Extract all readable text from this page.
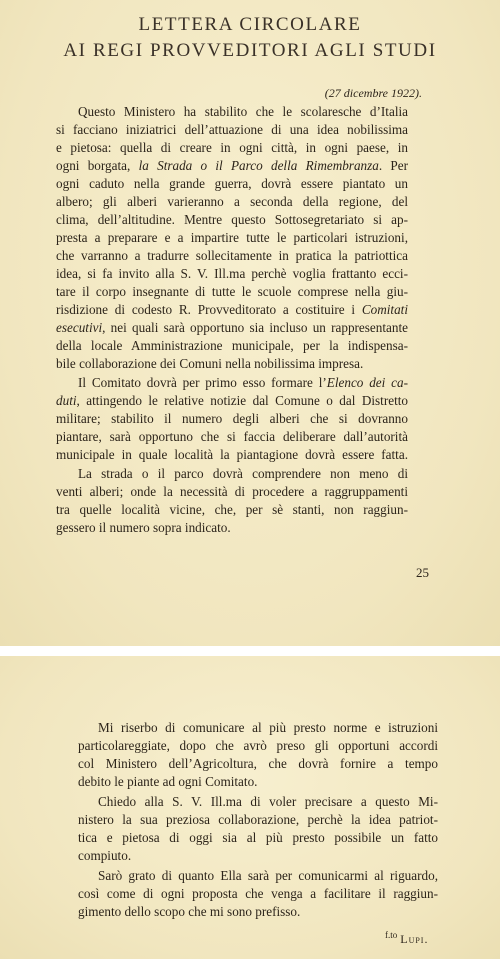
LETTERA CIRCOLARE
AI REGI PROVVEDITORI AGLI STUDI
(27 dicembre 1922).
Questo Ministero ha stabilito che le scolaresche d’Italia
si facciano iniziatrici dell’attuazione di una idea nobilissima
e pietosa: quella di creare in ogni città, in ogni paese, in
ogni borgata, la Strada o il Parco della Rimembranza. Per
ogni caduto nella grande guerra, dovrà essere piantato un
albero; gli alberi varieranno a seconda della regione, del
clima, dell’altitudine. Mentre questo Sottosegretariato si ap-
presta a preparare e a impartire tutte le particolari istruzioni,
che varranno a tradurre sollecitamente in pratica la patriottica
idea, si fa invito alla S. V. Ill.ma perchè voglia frattanto ecci-
tare il corpo insegnante di tutte le scuole comprese nella giu-
risdizione di codesto R. Provveditorato a costituire i Comitati
esecutivi, nei quali sarà opportuno sia incluso un rappresentante
della locale Amministrazione municipale, per la indispensa-
bile collaborazione dei Comuni nella nobilissima impresa.
Il Comitato dovrà per primo esso formare l’Elenco dei ca-
duti, attingendo le relative notizie dal Comune o dal Distretto
militare; stabilito il numero degli alberi che si dovranno
piantare, sarà opportuno che si faccia deliberare dall’autorità
municipale in quale località la piantagione dovrà essere fatta.
La strada o il parco dovrà comprendere non meno di
venti alberi; onde la necessità di procedere a raggruppamenti
tra quelle località vicine, che, per sè stanti, non raggiun-
gessero il numero sopra indicato.
25
Mi riserbo di comunicare al più presto norme e istruzioni
particolareggiate, dopo che avrò preso gli opportuni accordi
col Ministero dell’Agricoltura, che dovrà fornire a tempo
debito le piante ad ogni Comitato.
Chiedo alla S. V. Ill.ma di voler precisare a questo Mi-
nistero la sua preziosa collaborazione, perchè la idea patriot-
tica e pietosa di oggi sia al più presto possibile un fatto
compiuto.
Sarò grato di quanto Ella sarà per comunicarmi al riguardo,
così come di ogni proposta che venga a facilitare il raggiun-
gimento dello scopo che mi sono prefisso.
$^{f.to}$ Lupi.
